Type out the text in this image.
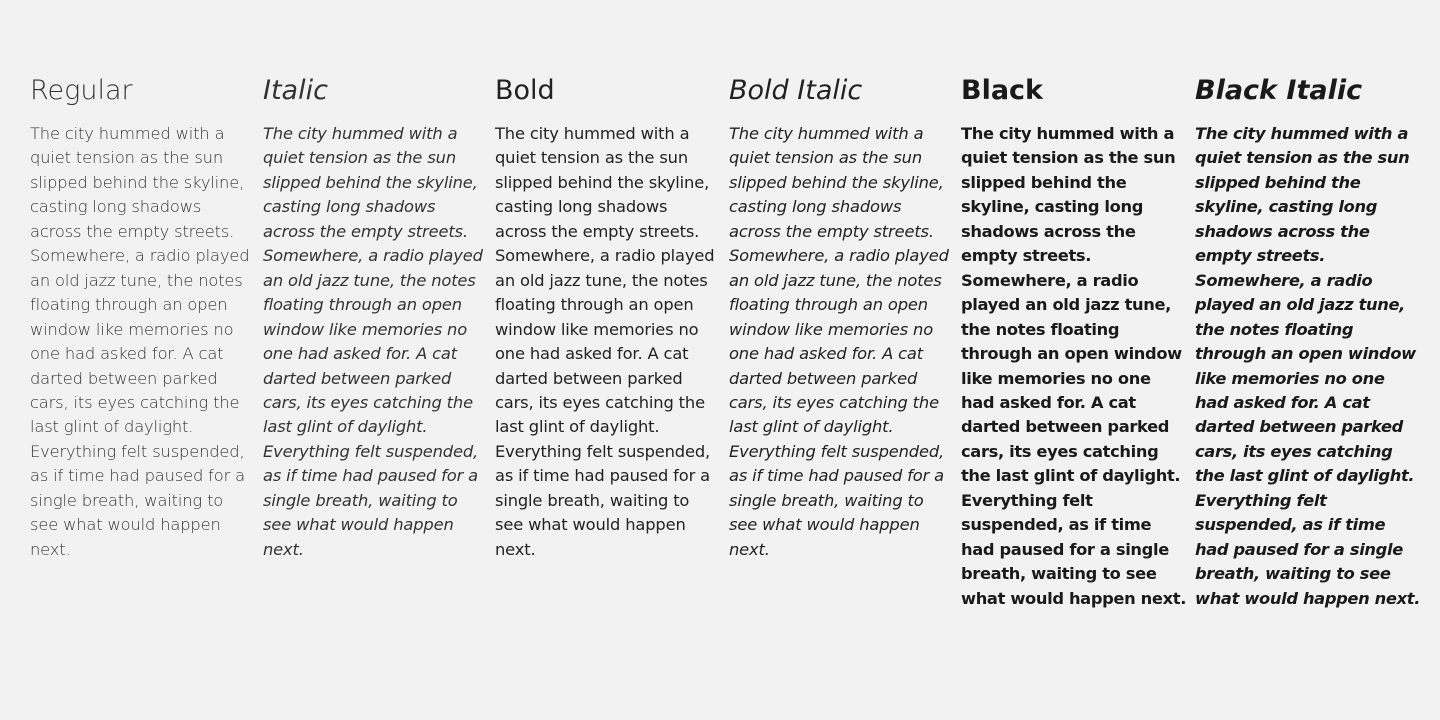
Regular

The city hummed with a quiet tension as the sun slipped behind the skyline, casting long shadows across the empty streets. Somewhere, a radio played an old jazz tune, the notes floating through an open window like memories no one had asked for. A cat darted between parked cars, its eyes catching the last glint of daylight. Everything felt suspended, as if time had paused for a single breath, waiting to see what would happen next.

Italic

The city hummed with a quiet tension as the sun slipped behind the skyline, casting long shadows across the empty streets. Somewhere, a radio played an old jazz tune, the notes floating through an open window like memories no one had asked for. A cat darted between parked cars, its eyes catching the last glint of daylight. Everything felt suspended, as if time had paused for a single breath, waiting to see what would happen next.

Bold

The city hummed with a quiet tension as the sun slipped behind the skyline, casting long shadows across the empty streets. Somewhere, a radio played an old jazz tune, the notes floating through an open window like memories no one had asked for. A cat darted between parked cars, its eyes catching the last glint of daylight. Everything felt suspended, as if time had paused for a single breath, waiting to see what would happen next.

Bold Italic

The city hummed with a quiet tension as the sun slipped behind the skyline, casting long shadows across the empty streets. Somewhere, a radio played an old jazz tune, the notes floating through an open window like memories no one had asked for. A cat darted between parked cars, its eyes catching the last glint of daylight. Everything felt suspended, as if time had paused for a single breath, waiting to see what would happen next.

Black

The city hummed with a quiet tension as the sun slipped behind the skyline, casting long shadows across the empty streets. Somewhere, a radio played an old jazz tune, the notes floating through an open window like memories no one had asked for. A cat darted between parked cars, its eyes catching the last glint of daylight. Everything felt suspended, as if time had paused for a single breath, waiting to see what would happen next.

Black Italic

The city hummed with a quiet tension as the sun slipped behind the skyline, casting long shadows across the empty streets. Somewhere, a radio played an old jazz tune, the notes floating through an open window like memories no one had asked for. A cat darted between parked cars, its eyes catching the last glint of daylight. Everything felt suspended, as if time had paused for a single breath, waiting to see what would happen next.
